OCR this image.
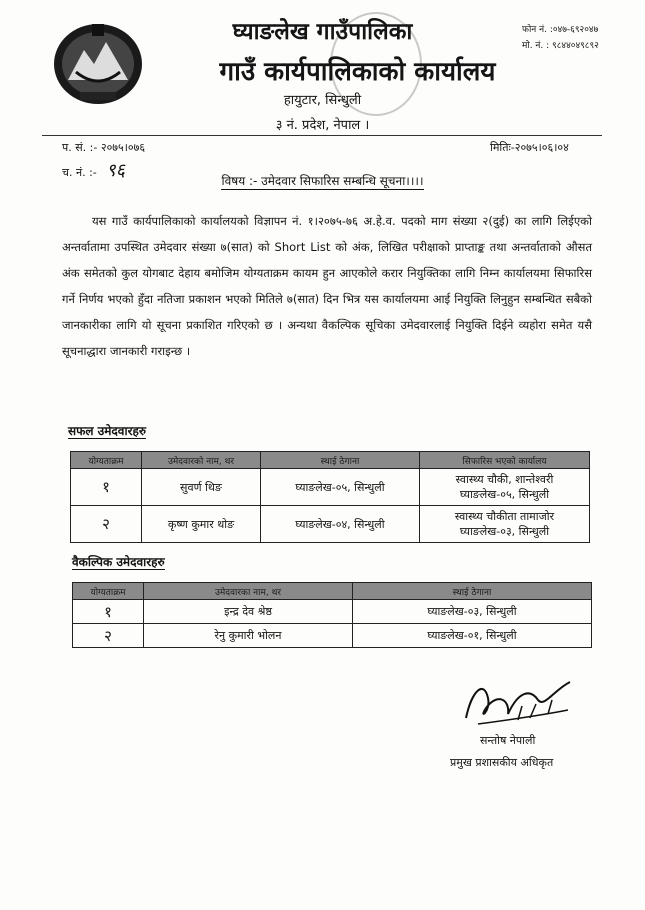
घ्याङलेख गाउँपालिका
गाउँ कार्यपालिकाको कार्यालय
हायुटार, सिन्धुली
३ नं. प्रदेश, नेपाल ।
फोन नं. :०४७-६९२०४७
मो. नं. : ९८४४०४९८९२
प. सं. :- २०७५।०७६
च. नं. :- ९६
मितिः-२०७५।०६।०४
विषय :- उमेदवार सिफारिस सम्बन्धि सूचना।।।।
यस गाउँ कार्यपालिकाको कार्यालयको विज्ञापन नं. १।२०७५-७६ अ.हे.व. पदको माग संख्या २(दुई) का लागि लिईएको अन्तर्वातामा उपस्थित उमेदवार संख्या ७(सात) को Short List को अंक, लिखित परीक्षाको प्राप्ताङ्क तथा अन्तर्वाताको औसत अंक समेतको कुल योगबाट देहाय बमोजिम योग्यताक्रम कायम हुन आएकोले करार नियुक्तिका लागि निम्न कार्यालयमा सिफारिस गर्ने निर्णय भएको हुँदा नतिजा प्रकाशन भएको मितिले ७(सात) दिन भित्र यस कार्यालयमा आई नियुक्ति लिनुहुन सम्बन्धित सबैको जानकारीका लागि यो सूचना प्रकाशित गरिएको छ । अन्यथा वैकल्पिक सूचिका उमेदवारलाई नियुक्ति दिईने व्यहोरा समेत यसै सूचनाद्धारा जानकारी गराइन्छ ।
सफल उमेदवारहरु
योग्यताक्रम	उमेदवारको नाम, थर	स्थाई ठेगाना	सिफारिस भएको कार्यालय
१	सुवर्ण थिङ	घ्याङलेख-०५, सिन्धुली	स्वास्थ्य चौकी, शान्तेश्वरी
घ्याङलेख-०५, सिन्धुली

२	कृष्ण कुमार थोङ	घ्याङलेख-०४, सिन्धुली	स्वास्थ्य चौकीता तामाजोर
घ्याङलेख-०३, सिन्धुली
वैकल्पिक उमेदवारहरु
योग्यताक्रम	उमेदवारका नाम, थर	स्थाई ठेगाना
१	इन्द्र देव श्रेष्ठ	घ्याङलेख-०३, सिन्धुली
२	रेनु कुमारी भोलन	घ्याङलेख-०१, सिन्धुली
सन्तोष नेपाली
प्रमुख प्रशासकीय अधिकृत
